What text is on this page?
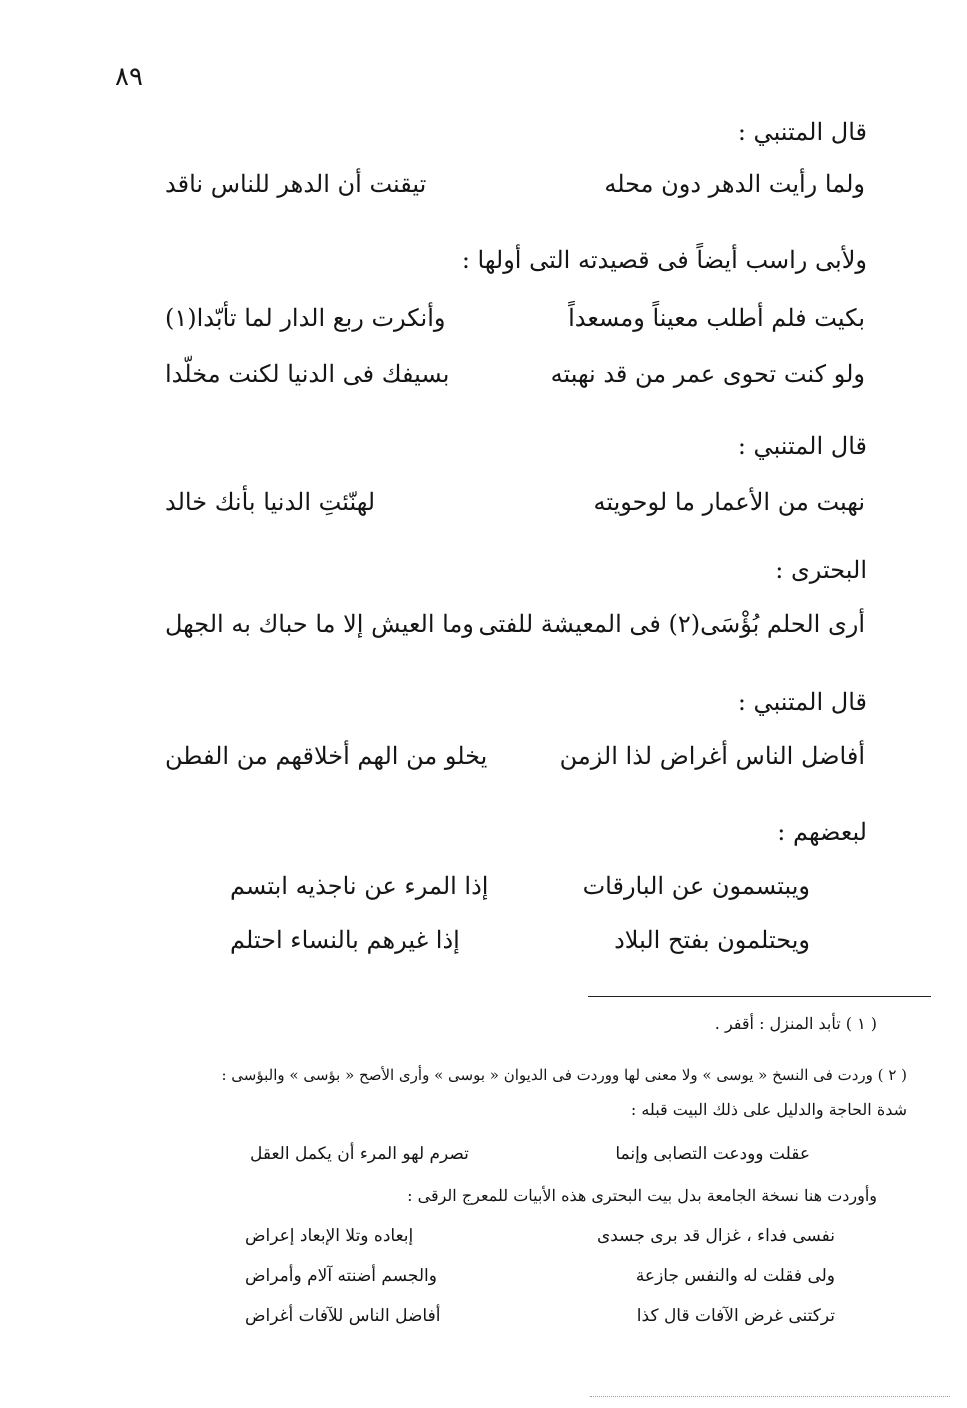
٨٩
قال المتنبي :
ولما رأيت الدهر دون محله
تيقنت أن الدهر للناس ناقد
ولأبى راسب أيضاً فى قصيدته التى أولها :
بكيت فلم أطلب معيناً ومسعداً
وأنكرت ربع الدار لما تأبّدا(١)
ولو كنت تحوى عمر من قد نهبته
بسيفك فى الدنيا لكنت مخلّدا
قال المتنبي :
نهبت من الأعمار ما لوحويته
لهنّئتِ الدنيا بأنك خالد
البحترى :
أرى الحلم بُؤْسَى(٢) فى المعيشة للفتى
وما العيش إلا ما حباك به الجهل
قال المتنبي :
أفاضل الناس أغراض لذا الزمن
يخلو من الهم أخلاقهم من الفطن
لبعضهم :
ويبتسمون عن البارقات
إذا المرء عن ناجذيه ابتسم
ويحتلمون بفتح البلاد
إذا غيرهم بالنساء احتلم
( ١ ) تأبد المنزل : أقفر .
( ٢ ) وردت فى النسخ « يوسى » ولا معنى لها ووردت فى الديوان « بوسى » وأرى الأصح « بؤسى » والبؤسى :
شدة الحاجة والدليل على ذلك البيت قبله :
عقلت وودعت التصابى وإنما
تصرم لهو المرء أن يكمل العقل
وأوردت هنا نسخة الجامعة بدل بيت البحترى هذه الأبيات للمعرج الرقى :
نفسى فداء ، غزال قد برى جسدى
إبعاده وتلا الإبعاد إعراض
ولى فقلت له والنفس جازعة
والجسم أضنته آلام وأمراض
تركتنى غرض الآفات قال كذا
أفاضل الناس للآفات أغراض
